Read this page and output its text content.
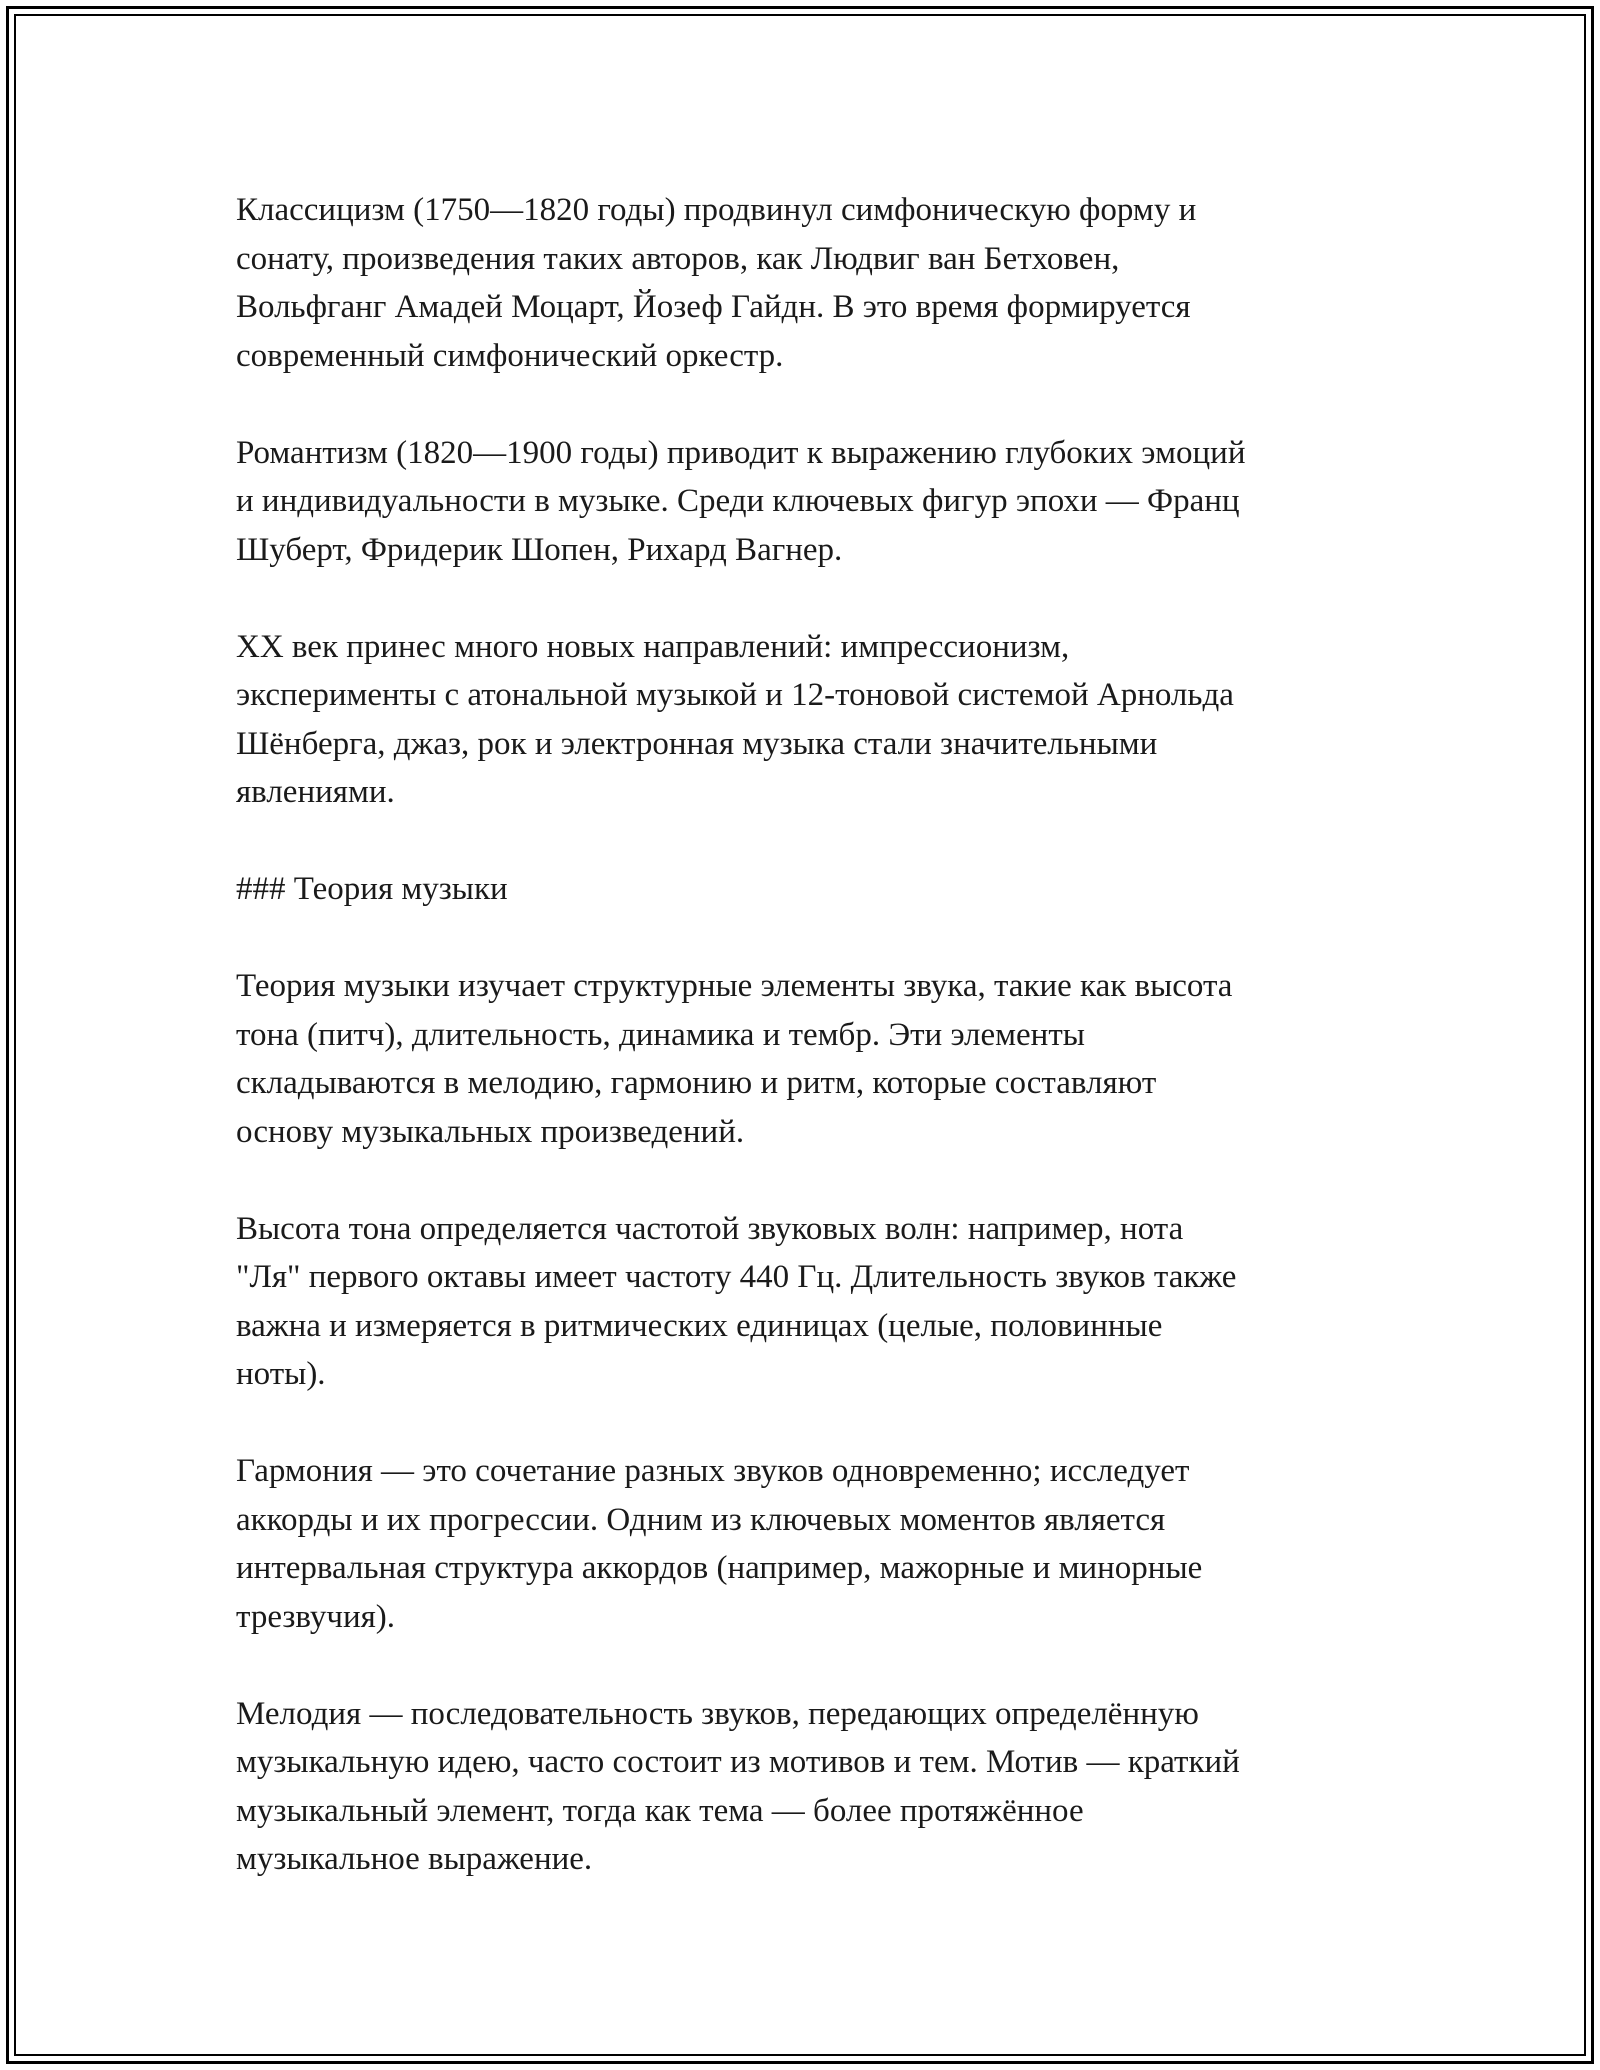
Классицизм (1750—1820 годы) продвинул симфоническую форму и
сонату, произведения таких авторов, как Людвиг ван Бетховен,
Вольфганг Амадей Моцарт, Йозеф Гайдн. В это время формируется
современный симфонический оркестр.

Романтизм (1820—1900 годы) приводит к выражению глубоких эмоций
и индивидуальности в музыке. Среди ключевых фигур эпохи — Франц
Шуберт, Фридерик Шопен, Рихард Вагнер.

XX век принес много новых направлений: импрессионизм,
эксперименты с атональной музыкой и 12-тоновой системой Арнольда
Шёнберга, джаз, рок и электронная музыка стали значительными
явлениями.

### Теория музыки

Теория музыки изучает структурные элементы звука, такие как высота
тона (питч), длительность, динамика и тембр. Эти элементы
складываются в мелодию, гармонию и ритм, которые составляют
основу музыкальных произведений.

Высота тона определяется частотой звуковых волн: например, нота
"Ля" первого октавы имеет частоту 440 Гц. Длительность звуков также
важна и измеряется в ритмических единицах (целые, половинные
ноты).

Гармония — это сочетание разных звуков одновременно; исследует
аккорды и их прогрессии. Одним из ключевых моментов является
интервальная структура аккордов (например, мажорные и минорные
трезвучия).

Мелодия — последовательность звуков, передающих определённую
музыкальную идею, часто состоит из мотивов и тем. Мотив — краткий
музыкальный элемент, тогда как тема — более протяжённое
музыкальное выражение.
